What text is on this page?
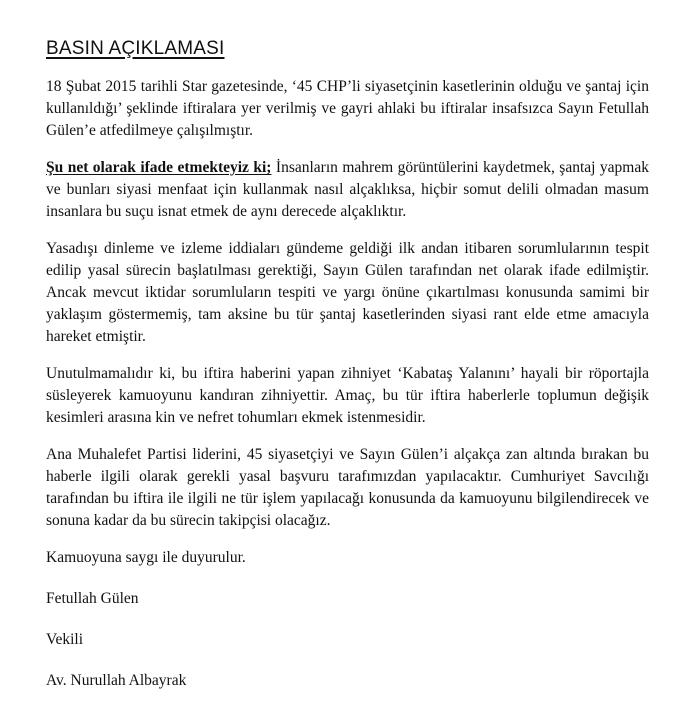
BASIN AÇIKLAMASI

18 Şubat 2015 tarihli Star gazetesinde, ‘45 CHP’li siyasetçinin kasetlerinin olduğu ve şantaj için kullanıldığı’ şeklinde iftiralara yer verilmiş ve gayri ahlaki bu iftiralar insafsızca Sayın Fetullah Gülen’e atfedilmeye çalışılmıştır.

Şu net olarak ifade etmekteyiz ki; İnsanların mahrem görüntülerini kaydetmek, şantaj yapmak ve bunları siyasi menfaat için kullanmak nasıl alçaklıksa, hiçbir somut delili olmadan masum insanlara bu suçu isnat etmek de aynı derecede alçaklıktır.

Yasadışı dinleme ve izleme iddiaları gündeme geldiği ilk andan itibaren sorumlularının tespit edilip yasal sürecin başlatılması gerektiği, Sayın Gülen tarafından net olarak ifade edilmiştir. Ancak mevcut iktidar sorumluların tespiti ve yargı önüne çıkartılması konusunda samimi bir yaklaşım göstermemiş, tam aksine bu tür şantaj kasetlerinden siyasi rant elde etme amacıyla hareket etmiştir.

Unutulmamalıdır ki, bu iftira haberini yapan zihniyet ‘Kabataş Yalanını’ hayali bir röportajla süsleyerek kamuoyunu kandıran zihniyettir. Amaç, bu tür iftira haberlerle toplumun değişik kesimleri arasına kin ve nefret tohumları ekmek istenmesidir.

Ana Muhalefet Partisi liderini, 45 siyasetçiyi ve Sayın Gülen’i alçakça zan altında bırakan bu haberle ilgili olarak gerekli yasal başvuru tarafımızdan yapılacaktır. Cumhuriyet Savcılığı tarafından bu iftira ile ilgili ne tür işlem yapılacağı konusunda da kamuoyunu bilgilendirecek ve sonuna kadar da bu sürecin takipçisi olacağız.

Kamuoyuna saygı ile duyurulur.

Fetullah Gülen

Vekili

Av. Nurullah Albayrak
